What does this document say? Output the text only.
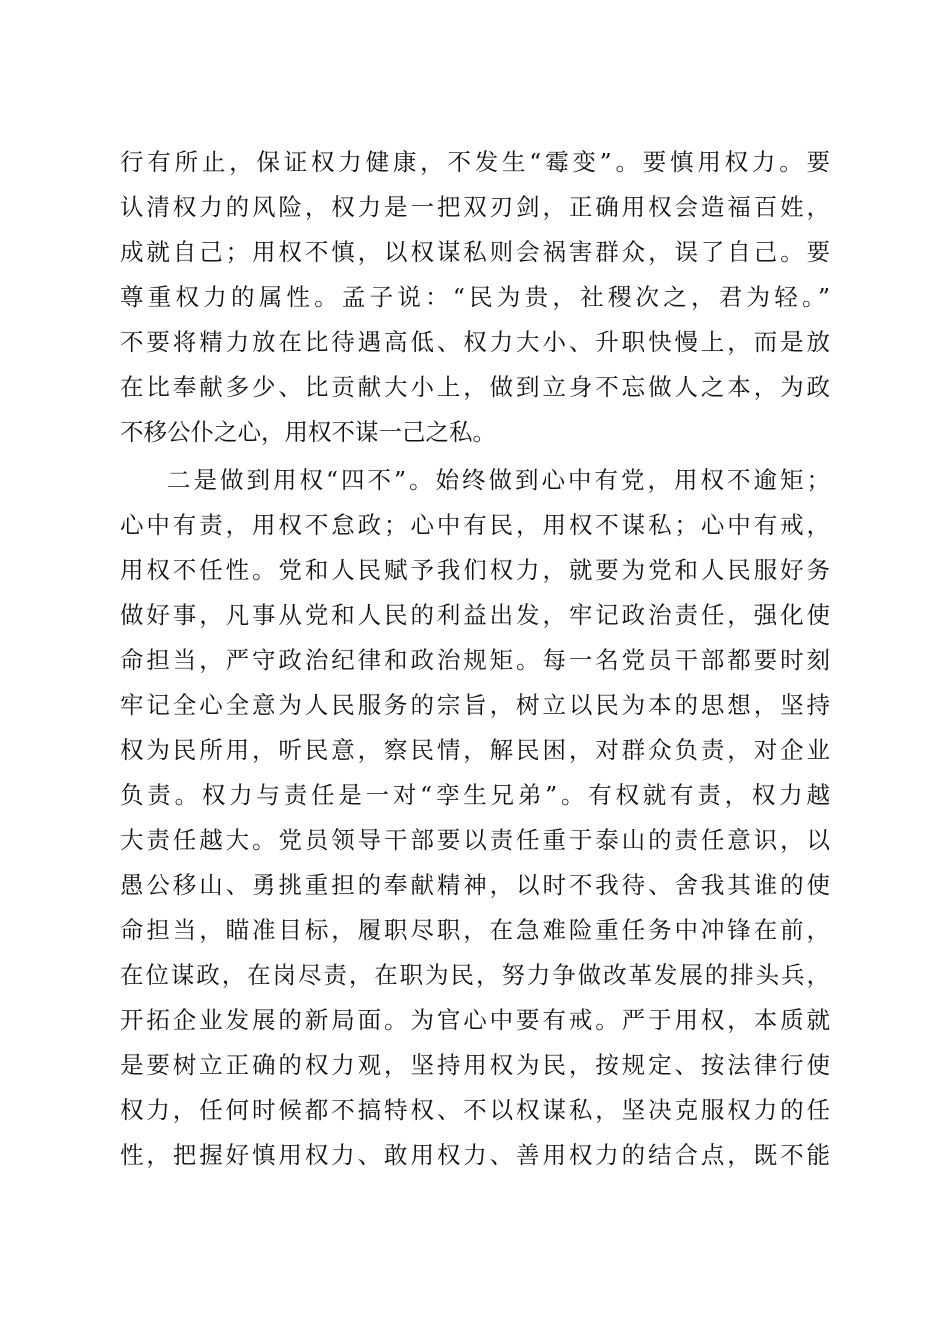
行有所止，保证权力健康，不发生“霉变”。要慎用权力。要
认清权力的风险，权力是一把双刃剑，正确用权会造福百姓，
成就自己；用权不慎，以权谋私则会祸害群众，误了自己。要
尊重权力的属性。孟子说：“民为贵，社稷次之，君为轻。”
不要将精力放在比待遇高低、权力大小、升职快慢上，而是放
在比奉献多少、比贡献大小上，做到立身不忘做人之本，为政
不移公仆之心，用权不谋一己之私。
二是做到用权“四不”。始终做到心中有党，用权不逾矩；
心中有责，用权不怠政；心中有民，用权不谋私；心中有戒，
用权不任性。党和人民赋予我们权力，就要为党和人民服好务
做好事，凡事从党和人民的利益出发，牢记政治责任，强化使
命担当，严守政治纪律和政治规矩。每一名党员干部都要时刻
牢记全心全意为人民服务的宗旨，树立以民为本的思想，坚持
权为民所用，听民意，察民情，解民困，对群众负责，对企业
负责。权力与责任是一对“孪生兄弟”。有权就有责，权力越
大责任越大。党员领导干部要以责任重于泰山的责任意识，以
愚公移山、勇挑重担的奉献精神，以时不我待、舍我其谁的使
命担当，瞄准目标，履职尽职，在急难险重任务中冲锋在前，
在位谋政，在岗尽责，在职为民，努力争做改革发展的排头兵，
开拓企业发展的新局面。为官心中要有戒。严于用权，本质就
是要树立正确的权力观，坚持用权为民，按规定、按法律行使
权力，任何时候都不搞特权、不以权谋私，坚决克服权力的任
性，把握好慎用权力、敢用权力、善用权力的结合点，既不能
